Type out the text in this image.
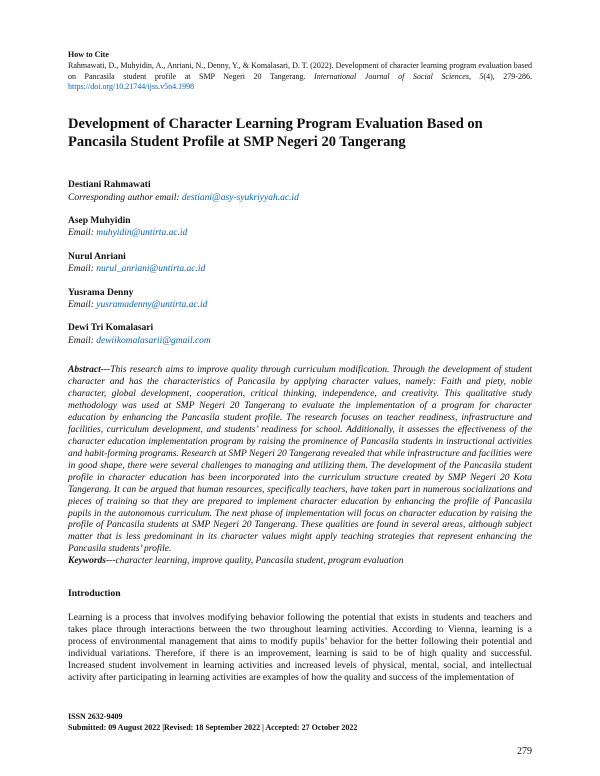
How to Cite

Rahmawati, D., Muhyidin, A., Anriani, N., Denny, Y., & Komalasari, D. T. (2022). Development of character learning program evaluation based on Pancasila student profile at SMP Negeri 20 Tangerang. International Journal of Social Sciences, 5(4), 279-286. https://doi.org/10.21744/ijss.v5n4.1998

Development of Character Learning Program Evaluation Based on Pancasila Student Profile at SMP Negeri 20 Tangerang

Destiani Rahmawati

Corresponding author email: destiani@asy-syukriyyah.ac.id

Asep Muhyidin

Email: muhyidin@untirta.ac.id

Nurul Anriani

Email: nurul_anriani@untirta.ac.id

Yusrama Denny

Email: yusramadenny@untirta.ac.id

Dewi Tri Komalasari

Email: dewiikomalasarii@gmail.com

Abstract---This research aims to improve quality through curriculum modification. Through the development of student character and has the characteristics of Pancasila by applying character values, namely: Faith and piety, noble character, global development, cooperation, critical thinking, independence, and creativity. This qualitative study methodology was used at SMP Negeri 20 Tangerang to evaluate the implementation of a program for character education by enhancing the Pancasila student profile. The research focuses on teacher readiness, infrastructure and facilities, curriculum development, and students’ readiness for school. Additionally, it assesses the effectiveness of the character education implementation program by raising the prominence of Pancasila students in instructional activities and habit-forming programs. Research at SMP Negeri 20 Tangerang revealed that while infrastructure and facilities were in good shape, there were several challenges to managing and utilizing them. The development of the Pancasila student profile in character education has been incorporated into the curriculum structure created by SMP Negeri 20 Kota Tangerang. It can be argued that human resources, specifically teachers, have taken part in numerous socializations and pieces of training so that they are prepared to implement character education by enhancing the profile of Pancasila pupils in the autonomous curriculum. The next phase of implementation will focus on character education by raising the profile of Pancasila students at SMP Negeri 20 Tangerang. These qualities are found in several areas, although subject matter that is less predominant in its character values might apply teaching strategies that represent enhancing the Pancasila students’ profile.

Keywords---character learning, improve quality, Pancasila student, program evaluation

Introduction

Learning is a process that involves modifying behavior following the potential that exists in students and teachers and takes place through interactions between the two throughout learning activities. According to Vienna, learning is a process of environmental management that aims to modify pupils’ behavior for the better following their potential and individual variations. Therefore, if there is an improvement, learning is said to be of high quality and successful. Increased student involvement in learning activities and increased levels of physical, mental, social, and intellectual activity after participating in learning activities are examples of how the quality and success of the implementation of

ISSN 2632-9409

Submitted: 09 August 2022 |Revised: 18 September 2022 | Accepted: 27 October 2022

279
